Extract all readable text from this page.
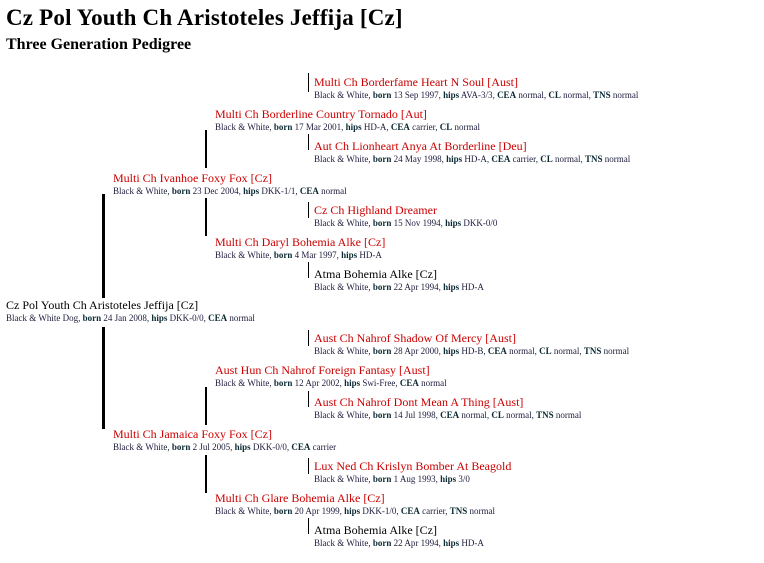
Cz Pol Youth Ch Aristoteles Jeffija [Cz]
Three Generation Pedigree
Cz Pol Youth Ch Aristoteles Jeffija [Cz]
Black & White Dog, born 24 Jan 2008, hips DKK-0/0, CEA normal
Multi Ch Ivanhoe Foxy Fox [Cz]
Black & White, born 23 Dec 2004, hips DKK-1/1, CEA normal
Multi Ch Jamaica Foxy Fox [Cz]
Black & White, born 2 Jul 2005, hips DKK-0/0, CEA carrier
Multi Ch Borderline Country Tornado [Aut]
Black & White, born 17 Mar 2001, hips HD-A, CEA carrier, CL normal
Multi Ch Daryl Bohemia Alke [Cz]
Black & White, born 4 Mar 1997, hips HD-A
Aust Hun Ch Nahrof Foreign Fantasy [Aust]
Black & White, born 12 Apr 2002, hips Swi-Free, CEA normal
Multi Ch Glare Bohemia Alke [Cz]
Black & White, born 20 Apr 1999, hips DKK-1/0, CEA carrier, TNS normal
Multi Ch Borderfame Heart N Soul [Aust]
Black & White, born 13 Sep 1997, hips AVA-3/3, CEA normal, CL normal, TNS normal
Aut Ch Lionheart Anya At Borderline [Deu]
Black & White, born 24 May 1998, hips HD-A, CEA carrier, CL normal, TNS normal
Cz Ch Highland Dreamer
Black & White, born 15 Nov 1994, hips DKK-0/0
Atma Bohemia Alke [Cz]
Black & White, born 22 Apr 1994, hips HD-A
Aust Ch Nahrof Shadow Of Mercy [Aust]
Black & White, born 28 Apr 2000, hips HD-B, CEA normal, CL normal, TNS normal
Aust Ch Nahrof Dont Mean A Thing [Aust]
Black & White, born 14 Jul 1998, CEA normal, CL normal, TNS normal
Lux Ned Ch Krislyn Bomber At Beagold
Black & White, born 1 Aug 1993, hips 3/0
Atma Bohemia Alke [Cz]
Black & White, born 22 Apr 1994, hips HD-A
